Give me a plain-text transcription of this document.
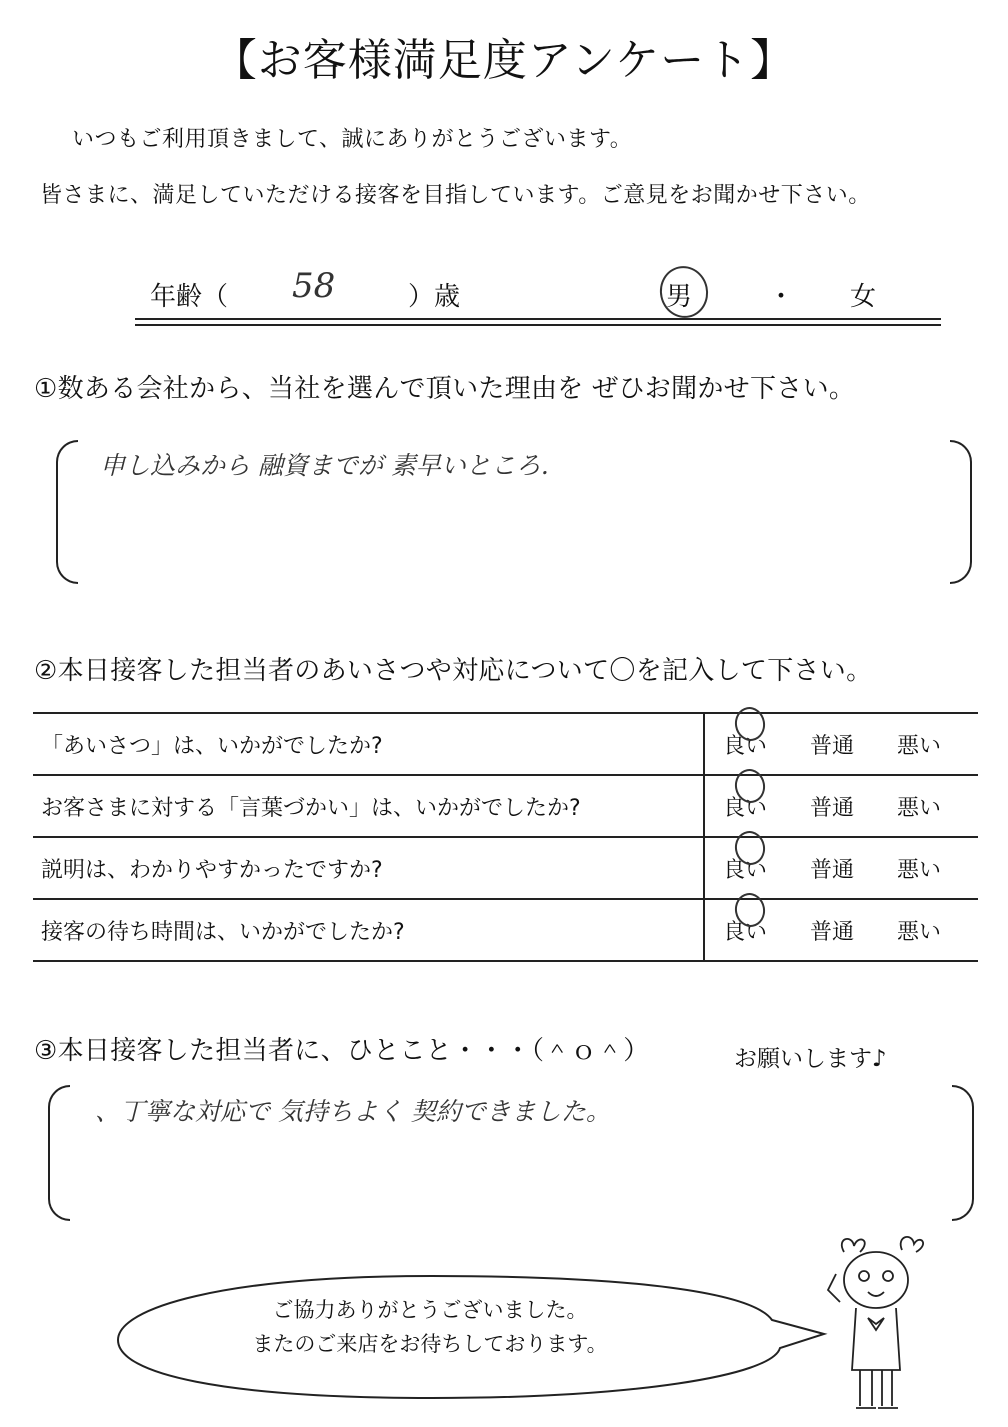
【お客様満足度アンケート】
いつもご利用頂きまして、誠にありがとうございます。
皆さまに、満足していただける接客を目指しています。ご意見をお聞かせ下さい。
年齢（ 58	）歳	男	・ 女
①数ある会社から、当社を選んで頂いた理由を ぜひお聞かせ下さい。
申し込みから 融資までが 素早いところ.
②本日接客した担当者のあいさつや対応について〇を記入して下さい。
「あいさつ」は、いかがでしたか?	良い 普通 悪い
お客さまに対する「言葉づかい」は、いかがでしたか?	良い 普通 悪い
説明は、わかりやすかったですか?	良い 普通 悪い
接客の待ち時間は、いかがでしたか?	良い 普通 悪い
③本日接客した担当者に、ひとこと・・・（＾ｏ＾）	お願いします♪
、丁寧な対応で 気持ちよく 契約できました。
ご協力ありがとうございました。
またのご来店をお待ちしております。
